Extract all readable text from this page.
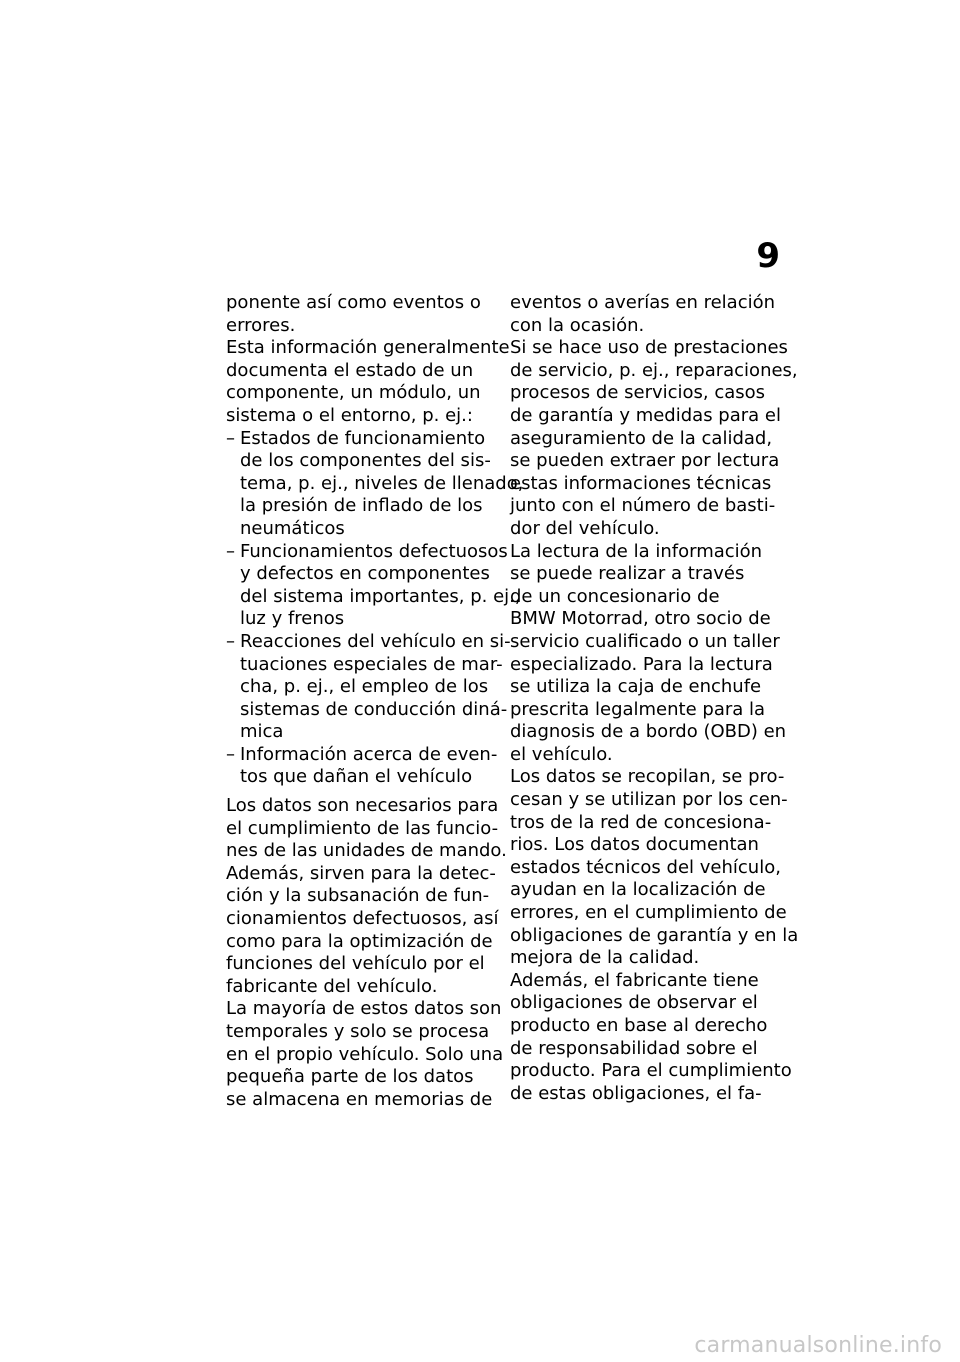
9

ponente así como eventos o

errores.

Esta información generalmente

documenta el estado de un

componente, un módulo, un

sistema o el entorno, p. ej.:

– Estados de funcionamiento
de los componentes del sis-
tema, p. ej., niveles de llenado,
la presión de inflado de los
neumáticos
– Funcionamientos defectuosos
y defectos en componentes
del sistema importantes, p. ej.,
luz y frenos
– Reacciones del vehículo en si-
tuaciones especiales de mar-
cha, p. ej., el empleo de los
sistemas de conducción diná-
mica
– Información acerca de even-
tos que dañan el vehículo

Los datos son necesarios para

el cumplimiento de las funcio-

nes de las unidades de mando.

Además, sirven para la detec-

ción y la subsanación de fun-

cionamientos defectuosos, así

como para la optimización de

funciones del vehículo por el

fabricante del vehículo.

La mayoría de estos datos son

temporales y solo se procesa

en el propio vehículo. Solo una

pequeña parte de los datos

se almacena en memorias de

eventos o averías en relación

con la ocasión.

Si se hace uso de prestaciones

de servicio, p. ej., reparaciones,

procesos de servicios, casos

de garantía y medidas para el

aseguramiento de la calidad,

se pueden extraer por lectura

estas informaciones técnicas

junto con el número de basti-

dor del vehículo.

La lectura de la información

se puede realizar a través

de un concesionario de

BMW Motorrad, otro socio de

servicio cualificado o un taller

especializado. Para la lectura

se utiliza la caja de enchufe

prescrita legalmente para la

diagnosis de a bordo (OBD) en

el vehículo.

Los datos se recopilan, se pro-

cesan y se utilizan por los cen-

tros de la red de concesiona-

rios. Los datos documentan

estados técnicos del vehículo,

ayudan en la localización de

errores, en el cumplimiento de

obligaciones de garantía y en la

mejora de la calidad.

Además, el fabricante tiene

obligaciones de observar el

producto en base al derecho

de responsabilidad sobre el

producto. Para el cumplimiento

de estas obligaciones, el fa-

carmanualsonline.info
